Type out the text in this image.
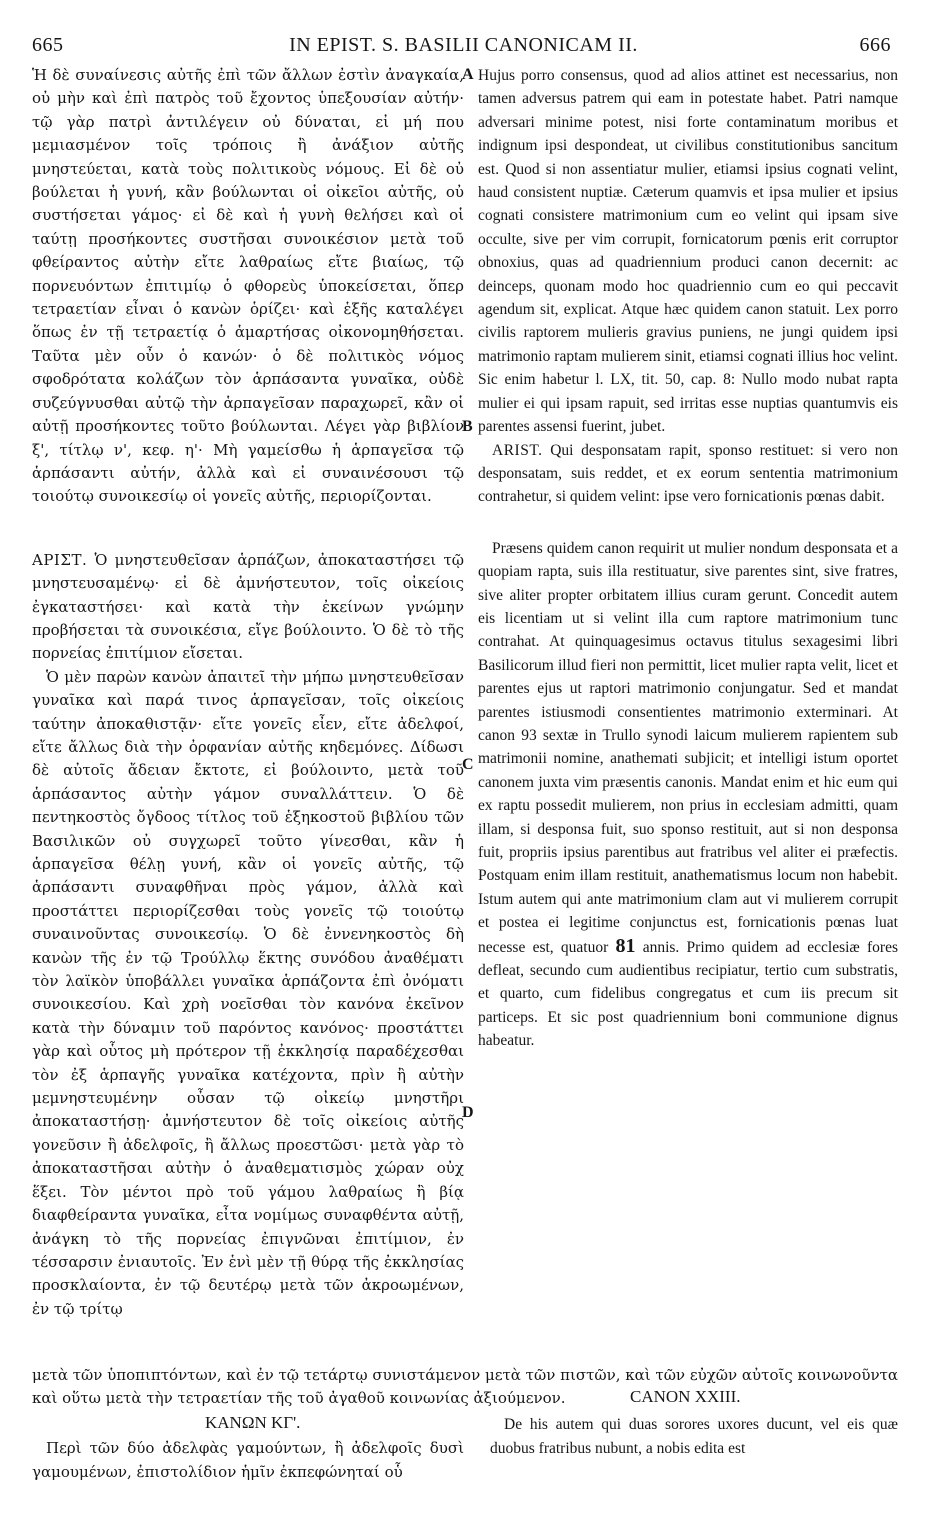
665	IN EPIST. S. BASILII CANONICAM II.	666
A
B
C
D

Ἡ δὲ συναίνεσις αὐτῆς ἐπὶ τῶν ἄλλων ἐστὶν ἀναγκαία, οὐ μὴν καὶ ἐπὶ πατρὸς τοῦ ἔχοντος ὑπεξουσίαν αὐτήν· τῷ γὰρ πατρὶ ἀντιλέγειν οὐ δύναται, εἰ μή που μεμιασμένον τοῖς τρόποις ἢ ἀνάξιον αὐτῆς μνηστεύεται, κατὰ τοὺς πολιτικοὺς νόμους. Εἰ δὲ οὐ βούλεται ἡ γυνή, κἂν βούλωνται οἱ οἰκεῖοι αὐτῆς, οὐ συστήσεται γάμος· εἰ δὲ καὶ ἡ γυνὴ θελήσει καὶ οἱ ταύτῃ προσήκοντες συστῆσαι συνοικέσιον μετὰ τοῦ φθείραντος αὐτὴν εἴτε λαθραίως εἴτε βιαίως, τῷ πορνευόντων ἐπιτιμίῳ ὁ φθορεὺς ὑποκείσεται, ὅπερ τετραετίαν εἶναι ὁ κανὼν ὁρίζει· καὶ ἑξῆς καταλέγει ὅπως ἐν τῇ τετραετίᾳ ὁ ἁμαρτήσας οἰκονομηθήσεται. Ταῦτα μὲν οὖν ὁ κανών· ὁ δὲ πολιτικὸς νόμος σφοδρότατα κολάζων τὸν ἁρπάσαντα γυναῖκα, οὐδὲ συζεύγνυσθαι αὐτῷ τὴν ἁρπαγεῖσαν παραχωρεῖ, κἂν οἱ αὐτῇ προσήκοντες τοῦτο βούλωνται. Λέγει γὰρ βιβλίον ξ', τίτλῳ ν', κεφ. η'· Μὴ γαμείσθω ἡ ἁρπαγεῖσα τῷ ἁρπάσαντι αὐτήν, ἀλλὰ καὶ εἰ συναινέσουσι τῷ τοιούτῳ συνοικεσίῳ οἱ γονεῖς αὐτῆς, περιορίζονται.

ΑΡΙΣΤ. Ὁ μνηστευθεῖσαν ἁρπάζων, ἀποκαταστήσει τῷ μνηστευσαμένῳ· εἰ δὲ ἀμνήστευτον, τοῖς οἰκείοις ἐγκαταστήσει· καὶ κατὰ τὴν ἐκείνων γνώμην προβήσεται τὰ συνοικέσια, εἴγε βούλοιντο. Ὁ δὲ τὸ τῆς πορνείας ἐπιτίμιον εἴσεται.

Ὁ μὲν παρὼν κανὼν ἀπαιτεῖ τὴν μήπω μνηστευθεῖσαν γυναῖκα καὶ παρά τινος ἁρπαγεῖσαν, τοῖς οἰκείοις ταύτην ἀποκαθιστᾷν· εἴτε γονεῖς εἶεν, εἴτε ἀδελφοί, εἴτε ἄλλως διὰ τὴν ὀρφανίαν αὐτῆς κηδεμόνες. Δίδωσι δὲ αὐτοῖς ἄδειαν ἔκτοτε, εἰ βούλοιντο, μετὰ τοῦ ἁρπάσαντος αὐτὴν γάμον συναλλάττειν. Ὁ δὲ πεντηκοστὸς ὄγδοος τίτλος τοῦ ἑξηκοστοῦ βιβλίου τῶν Βασιλικῶν οὐ συγχωρεῖ τοῦτο γίνεσθαι, κἂν ἡ ἁρπαγεῖσα θέλῃ γυνή, κἂν οἱ γονεῖς αὐτῆς, τῷ ἁρπάσαντι συναφθῆναι πρὸς γάμον, ἀλλὰ καὶ προστάττει περιορίζεσθαι τοὺς γονεῖς τῷ τοιούτῳ συναινοῦντας συνοικεσίῳ. Ὁ δὲ ἐννενηκοστὸς δὴ κανὼν τῆς ἐν τῷ Τρούλλῳ ἕκτης συνόδου ἀναθέματι τὸν λαϊκὸν ὑποβάλλει γυναῖκα ἁρπάζοντα ἐπὶ ὀνόματι συνοικεσίου. Καὶ χρὴ νοεῖσθαι τὸν κανόνα ἐκεῖνον κατὰ τὴν δύναμιν τοῦ παρόντος κανόνος· προστάττει γὰρ καὶ οὗτος μὴ πρότερον τῇ ἐκκλησίᾳ παραδέχεσθαι τὸν ἐξ ἁρπαγῆς γυναῖκα κατέχοντα, πρὶν ἢ αὐτὴν μεμνηστευμένην οὖσαν τῷ οἰκείῳ μνηστῆρι ἀποκαταστήσῃ· ἀμνήστευτον δὲ τοῖς οἰκείοις αὐτῆς γονεῦσιν ἢ ἀδελφοῖς, ἢ ἄλλως προεστῶσι· μετὰ γὰρ τὸ ἀποκαταστῆσαι αὐτὴν ὁ ἀναθεματισμὸς χώραν οὐχ ἕξει. Τὸν μέντοι πρὸ τοῦ γάμου λαθραίως ἢ βίᾳ διαφθείραντα γυναῖκα, εἶτα νομίμως συναφθέντα αὐτῇ, ἀνάγκη τὸ τῆς πορνείας ἐπιγνῶναι ἐπιτίμιον, ἐν τέσσαρσιν ἐνιαυτοῖς. Ἐν ἑνὶ μὲν τῇ θύρᾳ τῆς ἐκκλησίας προσκλαίοντα, ἐν τῷ δευτέρῳ μετὰ τῶν ἀκροωμένων, ἐν τῷ τρίτῳ

Hujus porro consensus, quod ad alios attinet est necessarius, non tamen adversus patrem qui eam in potestate habet. Patri namque adversari minime potest, nisi forte contaminatum moribus et indignum ipsi despondeat, ut civilibus constitutionibus sancitum est. Quod si non assentiatur mulier, etiamsi ipsius cognati velint, haud consistent nuptiæ. Cæterum quamvis et ipsa mulier et ipsius cognati consistere matrimonium cum eo velint qui ipsam sive occulte, sive per vim corrupit, fornicatorum pœnis erit corruptor obnoxius, quas ad quadriennium produci canon decernit: ac deinceps, quonam modo hoc quadriennio cum eo qui peccavit agendum sit, explicat. Atque hæc quidem canon statuit. Lex porro civilis raptorem mulieris gravius puniens, ne jungi quidem ipsi matrimonio raptam mulierem sinit, etiamsi cognati illius hoc velint. Sic enim habetur l. LX, tit. 50, cap. 8: Nullo modo nubat rapta mulier ei qui ipsam rapuit, sed irritas esse nuptias quantumvis eis parentes assensi fuerint, jubet.

ARIST. Qui desponsatam rapit, sponso restituet: si vero non desponsatam, suis reddet, et ex eorum sententia matrimonium contrahetur, si quidem velint: ipse vero fornicationis pœnas dabit.

Præsens quidem canon requirit ut mulier nondum desponsata et a quopiam rapta, suis illa restituatur, sive parentes sint, sive fratres, sive aliter propter orbitatem illius curam gerunt. Concedit autem eis licentiam ut si velint illa cum raptore matrimonium tunc contrahat. At quinquagesimus octavus titulus sexagesimi libri Basilicorum illud fieri non permittit, licet mulier rapta velit, licet et parentes ejus ut raptori matrimonio conjungatur. Sed et mandat parentes istiusmodi consentientes matrimonio exterminari. At canon 93 sextæ in Trullo synodi laicum mulierem rapientem sub matrimonii nomine, anathemati subjicit; et intelligi istum oportet canonem juxta vim præsentis canonis. Mandat enim et hic eum qui ex raptu possedit mulierem, non prius in ecclesiam admitti, quam illam, si desponsa fuit, suo sponso restituit, aut si non desponsa fuit, propriis ipsius parentibus aut fratribus vel aliter ei præfectis. Postquam enim illam restituit, anathematismus locum non habebit. Istum autem qui ante matrimonium clam aut vi mulierem corrupit et postea ei legitime conjunctus est, fornicationis pœnas luat necesse est, quatuor 81 annis. Primo quidem ad ecclesiæ fores defleat, secundo cum audientibus recipiatur, tertio cum substratis, et quarto, cum fidelibus congregatus et cum iis precum sit particeps. Et sic post quadriennium boni communione dignus habeatur.

μετὰ τῶν ὑποπιπτόντων, καὶ ἐν τῷ τετάρτῳ συνιστάμενον μετὰ τῶν πιστῶν, καὶ τῶν εὐχῶν αὐτοῖς κοινωνοῦντα καὶ οὕτω μετὰ τὴν τετραετίαν τῆς τοῦ ἀγαθοῦ κοινωνίας ἀξιούμενον.
ΚΑΝΩΝ ΚΓ'.
CANON XXIII.

Περὶ τῶν δύο ἀδελφὰς γαμούντων, ἢ ἀδελφοῖς δυσὶ γαμουμένων, ἐπιστολίδιον ἡμῖν ἐκπεφώνηταί οὗ

De his autem qui duas sorores uxores ducunt, vel eis quæ duobus fratribus nubunt, a nobis edita est
